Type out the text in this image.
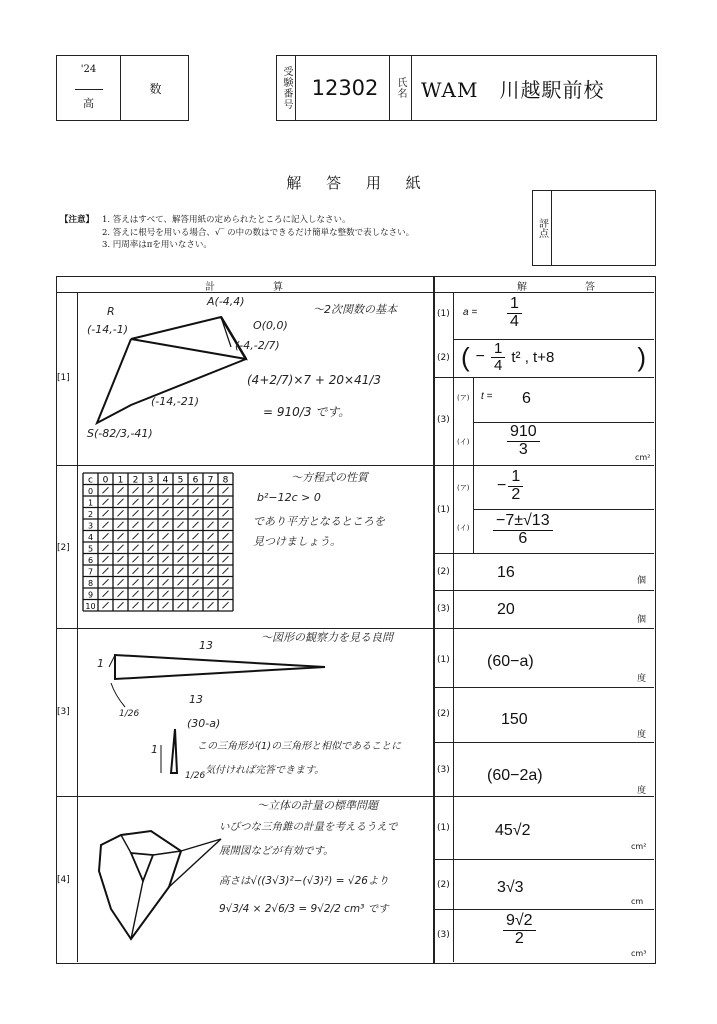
'24
高
数	受験番号 12302	氏名 WAM　川越駅前校
解 答 用 紙
【注意】 1. 答えはすべて、解答用紙の定められたところに記入しなさい。
2. 答えに根号を用いる場合、√‾ の中の数はできるだけ簡単な整数で表しなさい。
3. 円周率はπを用いなさい。
評点
計　算	解　答
[1]
[2]
[3]
[4]
(1) $a = \frac{1}{4}$
(2) ( − $\frac{1}{4} t^2$ , t+8	)
(3)
(ア) t = 6
(イ) $\frac{910}{3}$	cm²
(1)
(ア) − $\frac{1}{2}$
(イ) $\frac{-7\pm√13}{6}$
(2)	16	個
(3)	20
個
(1) (60−a)
度
(2)	150
度
(3) (60−2a)
度
(1)	45√2
cm²
(2)	3√3
cm
(3)	$\frac{9√2}{2}$
cm³
R
(-14,-1)
A(-4,4)
O(0,0)
(-4,-2/7)
(-14,-21)
S(-82/3,-41)
〜2次関数の基本
(4+2/7)×7 + 20×41/3
= 910/3 です。
c 0 1 2 3 4 5 6 7 8
0
1
2
3
4
5
6
7
8
9
10
〜方程式の性質
b²−12c > 0
であり平方となるところを
見つけましょう。
13
1
1/26
13
(30-a)
1
1/26
〜図形の観察力を見る良問
この三角形が(1)の三角形と相似であることに
気付ければ完答できます。
〜立体の計量の標準問題
いびつな三角錐の計量を考えるうえで
展開図などが有効です。
高さは√((3√3)²−(√3)²) = √26より
9√3/4 × 2√6/3 = 9√2/2 cm³ です
